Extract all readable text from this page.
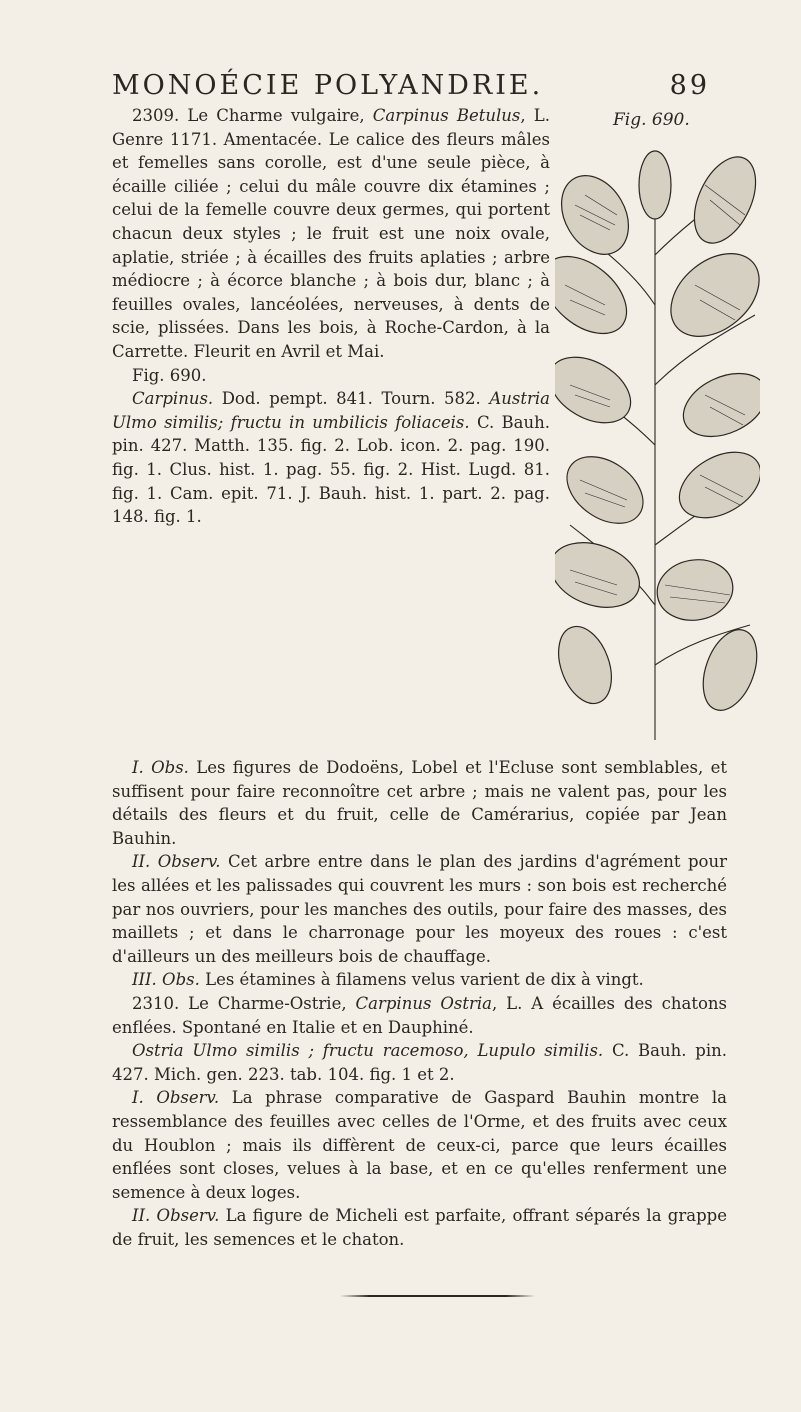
MONOÉCIE POLYANDRIE.	89
Fig. 690.

2309. Le Charme vulgaire, Carpinus Betulus, L. Genre 1171. Amentacée. Le calice des fleurs mâles et femelles sans corolle, est d'une seule pièce, à écaille ciliée ; celui du mâle couvre dix étamines ; celui de la femelle couvre deux germes, qui portent chacun deux styles ; le fruit est une noix ovale, aplatie, striée ; à écailles des fruits aplaties ; arbre médiocre ; à écorce blanche ; à bois dur, blanc ; à feuilles ovales, lancéolées, nerveuses, à dents de scie, plissées. Dans les bois, à Roche-Cardon, à la Carrette. Fleurit en Avril et Mai.

Fig. 690.

Carpinus. Dod. pempt. 841. Tourn. 582. Austria Ulmo similis; fructu in umbilicis foliaceis. C. Bauh. pin. 427. Matth. 135. fig. 2. Lob. icon. 2. pag. 190. fig. 1. Clus. hist. 1. pag. 55. fig. 2. Hist. Lugd. 81. fig. 1. Cam. epit. 71. J. Bauh. hist. 1. part. 2. pag. 148. fig. 1.

I. Obs. Les figures de Dodoëns, Lobel et l'Ecluse sont semblables, et suffisent pour faire reconnoître cet arbre ; mais ne valent pas, pour les détails des fleurs et du fruit, celle de Camérarius, copiée par Jean Bauhin.

II. Observ. Cet arbre entre dans le plan des jardins d'agrément pour les allées et les palissades qui couvrent les murs : son bois est recherché par nos ouvriers, pour les manches des outils, pour faire des masses, des maillets ; et dans le charronage pour les moyeux des roues : c'est d'ailleurs un des meilleurs bois de chauffage.

III. Obs. Les étamines à filamens velus varient de dix à vingt.

2310. Le Charme-Ostrie, Carpinus Ostria, L. A écailles des chatons enflées. Spontané en Italie et en Dauphiné.

Ostria Ulmo similis ; fructu racemoso, Lupulo similis. C. Bauh. pin. 427. Mich. gen. 223. tab. 104. fig. 1 et 2.

I. Observ. La phrase comparative de Gaspard Bauhin montre la ressemblance des feuilles avec celles de l'Orme, et des fruits avec ceux du Houblon ; mais ils diffèrent de ceux-ci, parce que leurs écailles enflées sont closes, velues à la base, et en ce qu'elles renferment une semence à deux loges.

II. Observ. La figure de Micheli est parfaite, offrant séparés la grappe de fruit, les semences et le chaton.
